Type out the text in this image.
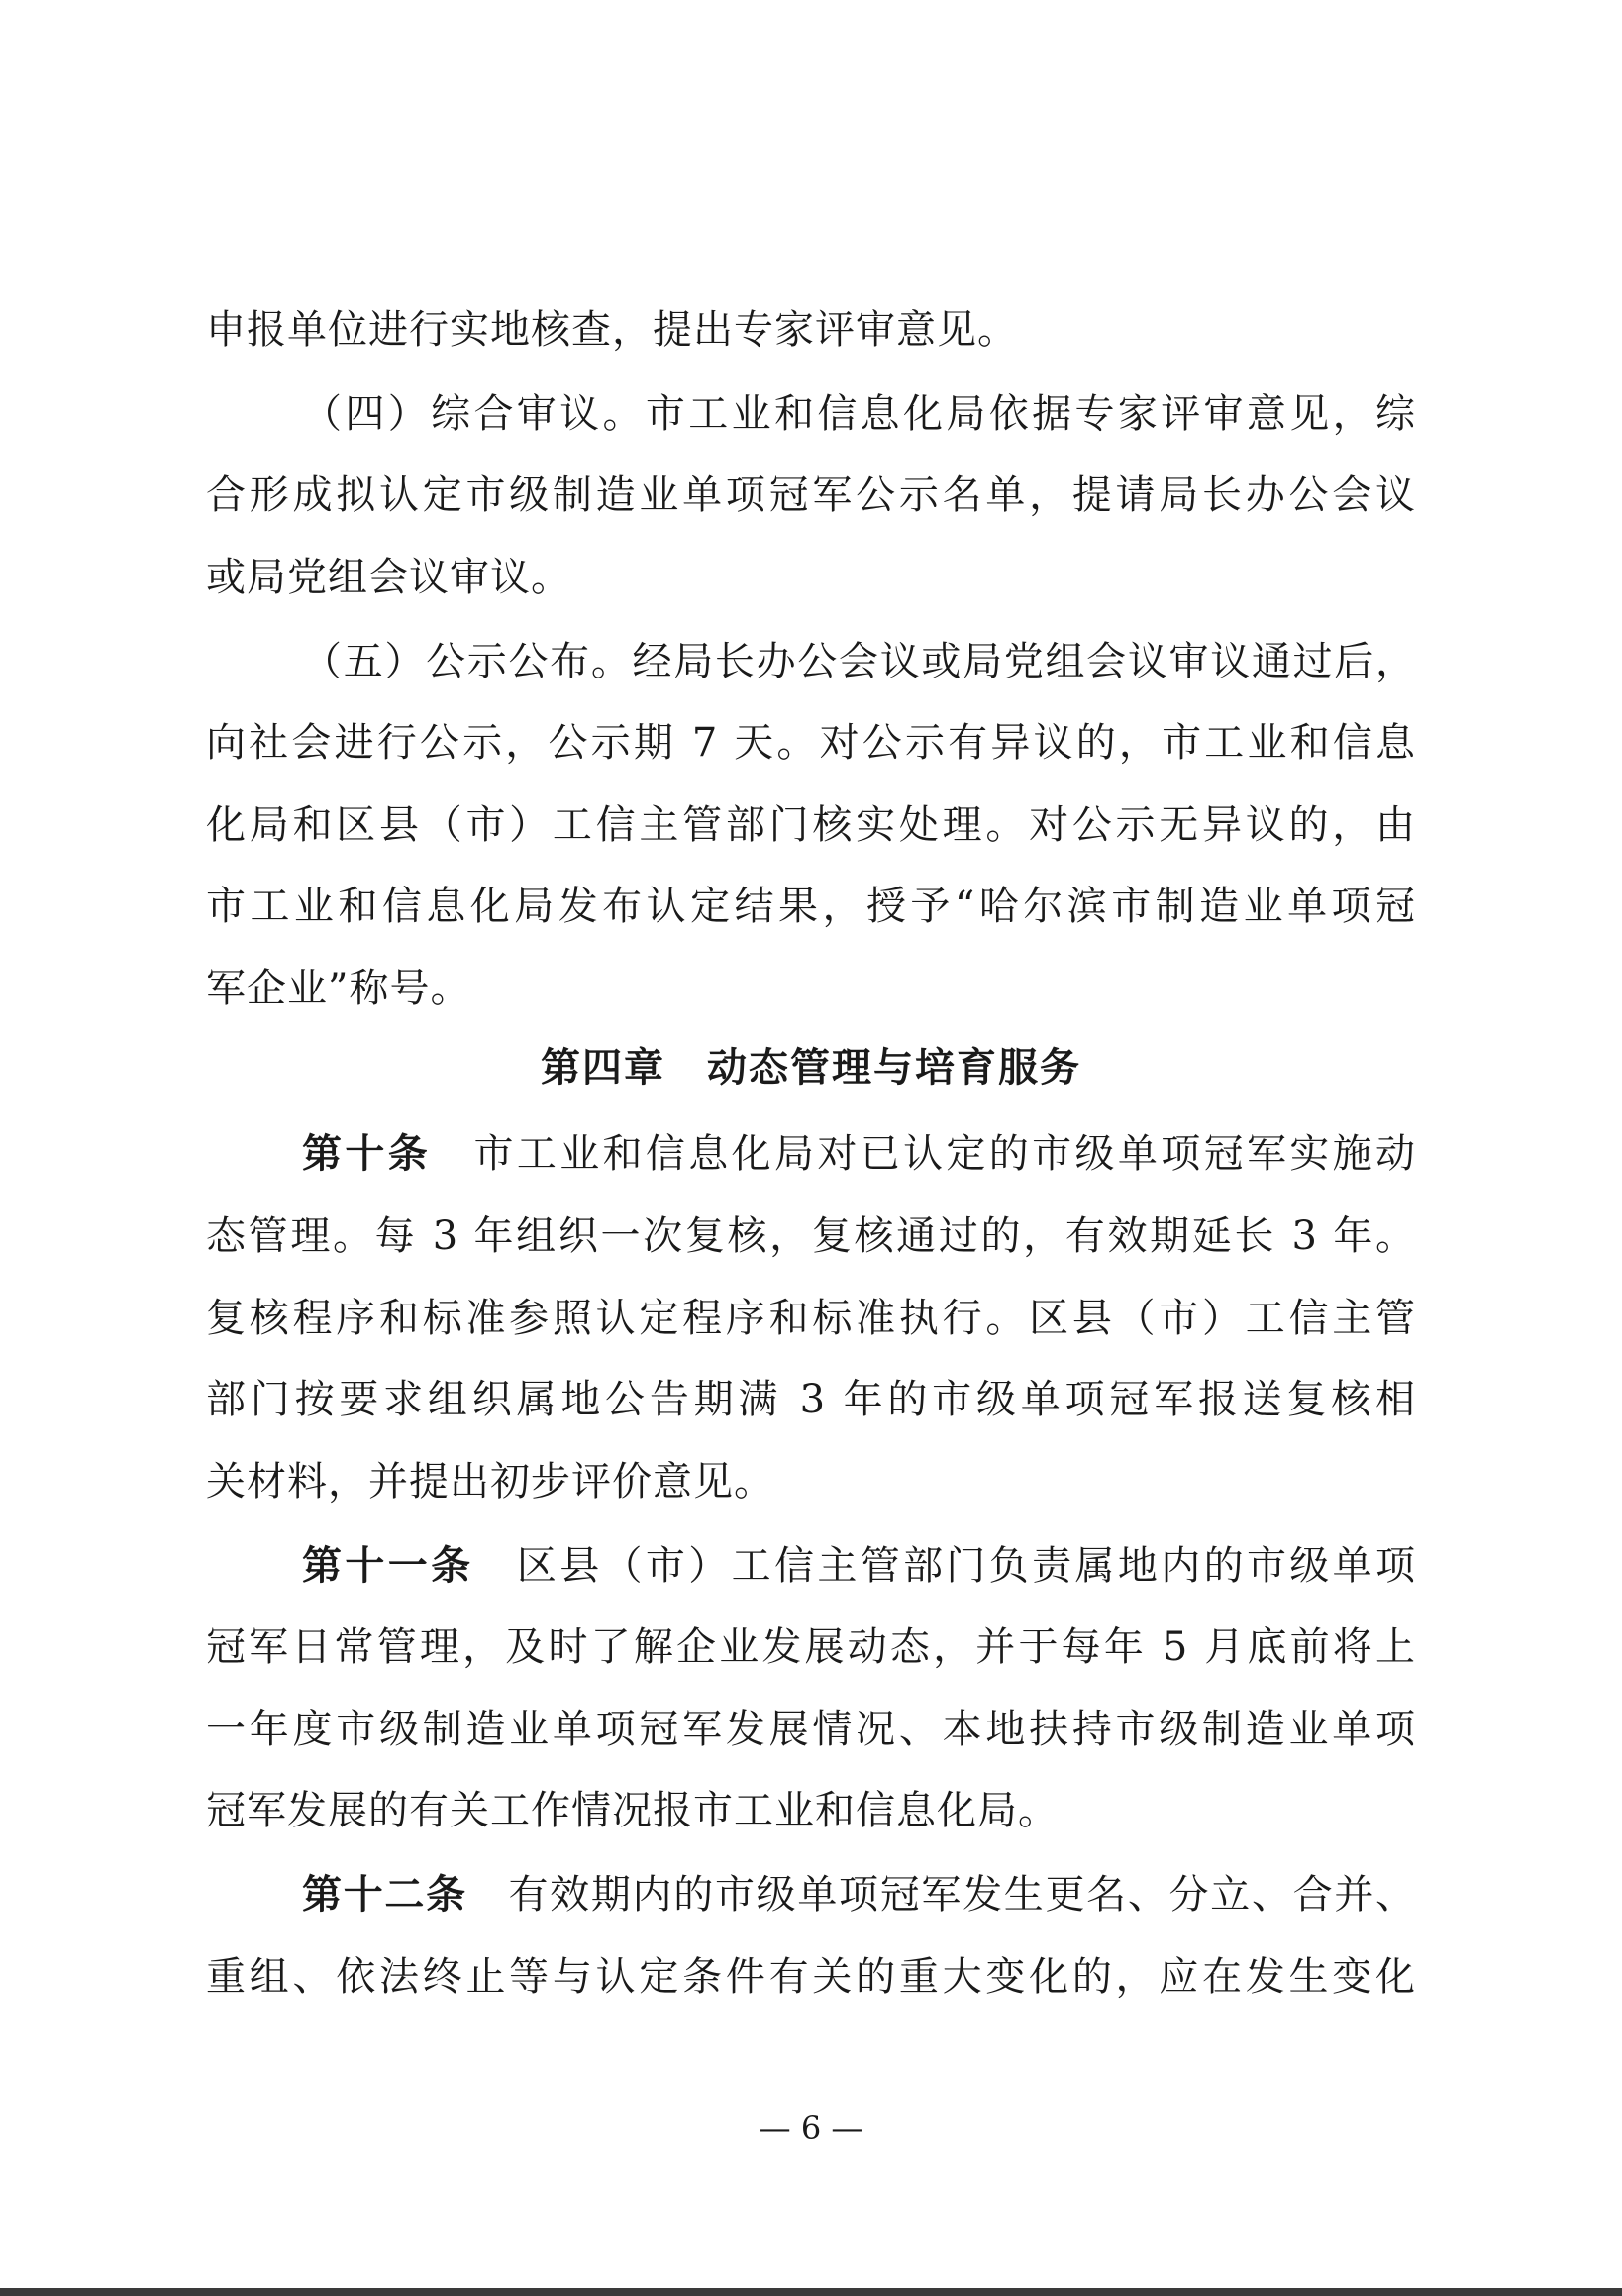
申报单位进行实地核查，提出专家评审意见。
（四）综合审议。市工业和信息化局依据专家评审意见，综
合形成拟认定市级制造业单项冠军公示名单，提请局长办公会议
或局党组会议审议。
（五）公示公布。经局长办公会议或局党组会议审议通过后，
向社会进行公示，公示期 7 天。对公示有异议的，市工业和信息
化局和区县（市）工信主管部门核实处理。对公示无异议的，由
市工业和信息化局发布认定结果，授予“哈尔滨市制造业单项冠
军企业”称号。
第四章　动态管理与培育服务
第十条　 市工业和信息化局对已认定的市级单项冠军实施动
态管理。每 3 年组织一次复核，复核通过的，有效期延长 3 年。
复核程序和标准参照认定程序和标准执行。区县（市）工信主管
部门按要求组织属地公告期满 3 年的市级单项冠军报送复核相
关材料，并提出初步评价意见。
第十一条　 区县（市）工信主管部门负责属地内的市级单项
冠军日常管理，及时了解企业发展动态，并于每年 5 月底前将上
一年度市级制造业单项冠军发展情况、本地扶持市级制造业单项
冠军发展的有关工作情况报市工业和信息化局。
第十二条　 有效期内的市级单项冠军发生更名、分立、合并、
重组、依法终止等与认定条件有关的重大变化的，应在发生变化
— 6 —
